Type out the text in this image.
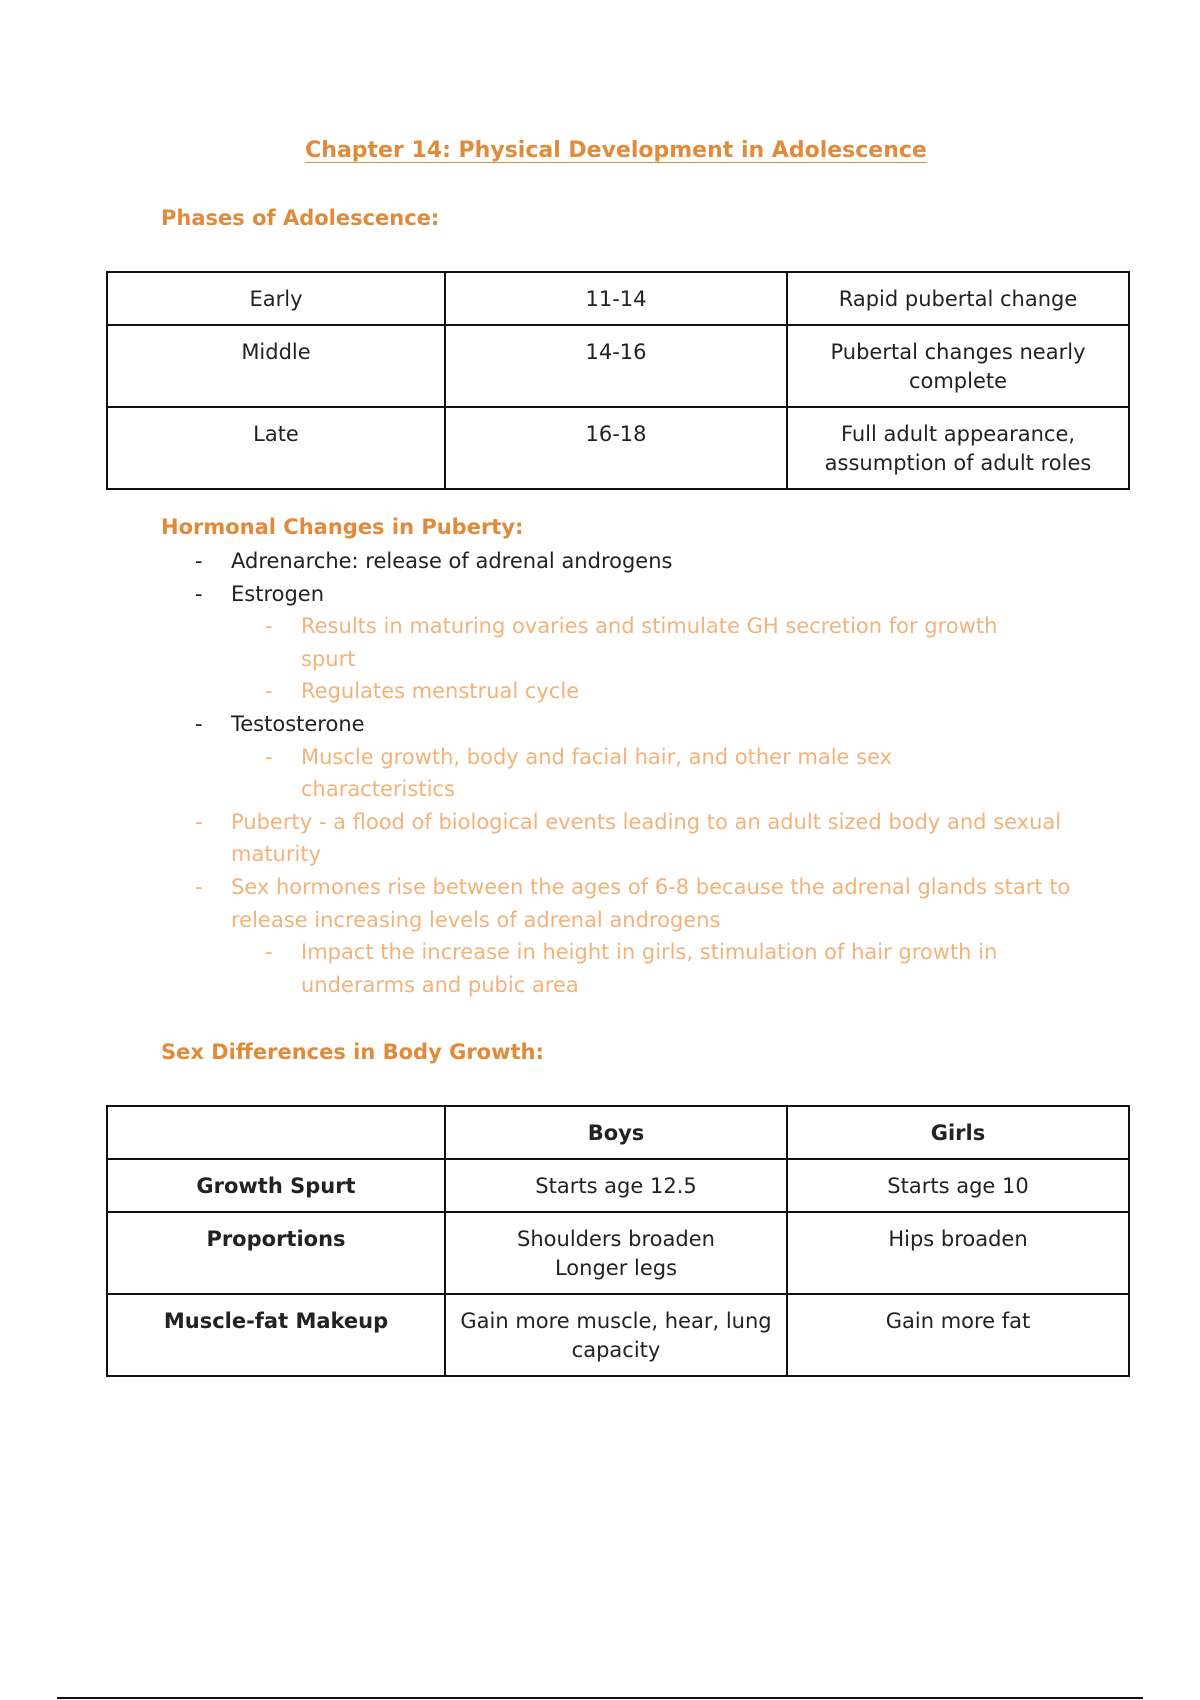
Chapter 14: Physical Development in Adolescence
Phases of Adolescence:
Early	11-14	Rapid pubertal change
Middle	14-16	Pubertal changes nearly complete
Late	16-18	Full adult appearance, assumption of adult roles
Hormonal Changes in Puberty:
- Adrenarche: release of adrenal androgens
- Estrogen
- Results in maturing ovaries and stimulate GH secretion for growth spurt
- Regulates menstrual cycle
- Testosterone
- Muscle growth, body and facial hair, and other male sex characteristics
- Puberty - a flood of biological events leading to an adult sized body and sexual maturity
- Sex hormones rise between the ages of 6-8 because the adrenal glands start to release increasing levels of adrenal androgens
- Impact the increase in height in girls, stimulation of hair growth in underarms and pubic area
Sex Differences in Body Growth:
	Boys	Girls
Growth Spurt	Starts age 12.5	Starts age 10
Proportions	Shoulders broaden Longer legs	Hips broaden
Muscle-fat Makeup	Gain more muscle, hear, lung capacity	Gain more fat
